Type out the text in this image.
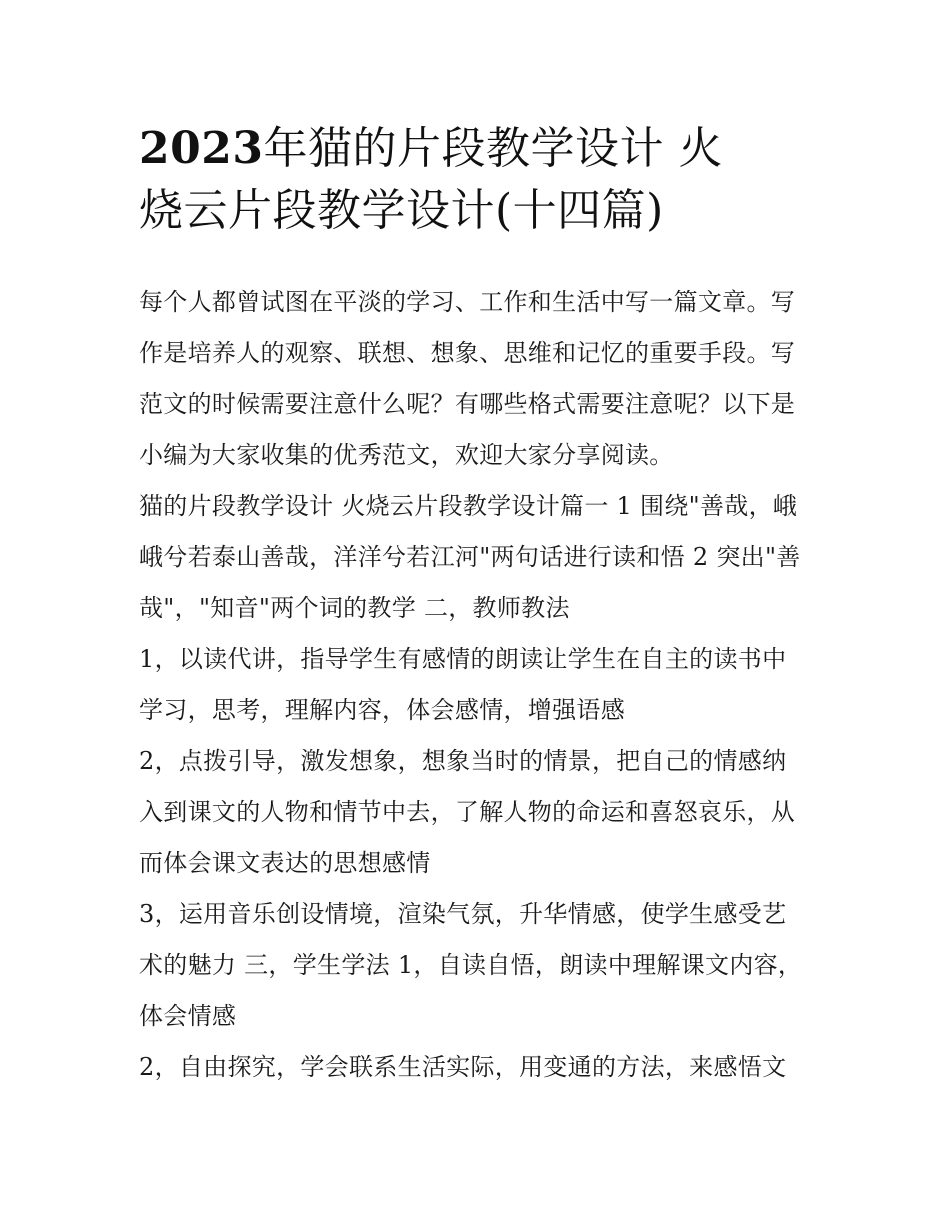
2023年猫的片段教学设计 火
烧云片段教学设计(十四篇)
每个人都曾试图在平淡的学习、工作和生活中写一篇文章。写
作是培养人的观察、联想、想象、思维和记忆的重要手段。写
范文的时候需要注意什么呢？有哪些格式需要注意呢？以下是
小编为大家收集的优秀范文，欢迎大家分享阅读。
猫的片段教学设计 火烧云片段教学设计篇一 1 围绕"善哉，峨
峨兮若泰山善哉，洋洋兮若江河"两句话进行读和悟 2 突出"善
哉"，"知音"两个词的教学 二，教师教法
1，以读代讲，指导学生有感情的朗读让学生在自主的读书中
学习，思考，理解内容，体会感情，增强语感
2，点拨引导，激发想象，想象当时的情景，把自己的情感纳
入到课文的人物和情节中去，了解人物的命运和喜怒哀乐，从
而体会课文表达的思想感情
3，运用音乐创设情境，渲染气氛，升华情感，使学生感受艺
术的魅力 三，学生学法 1，自读自悟，朗读中理解课文内容，
体会情感
2，自由探究，学会联系生活实际，用变通的方法，来感悟文
